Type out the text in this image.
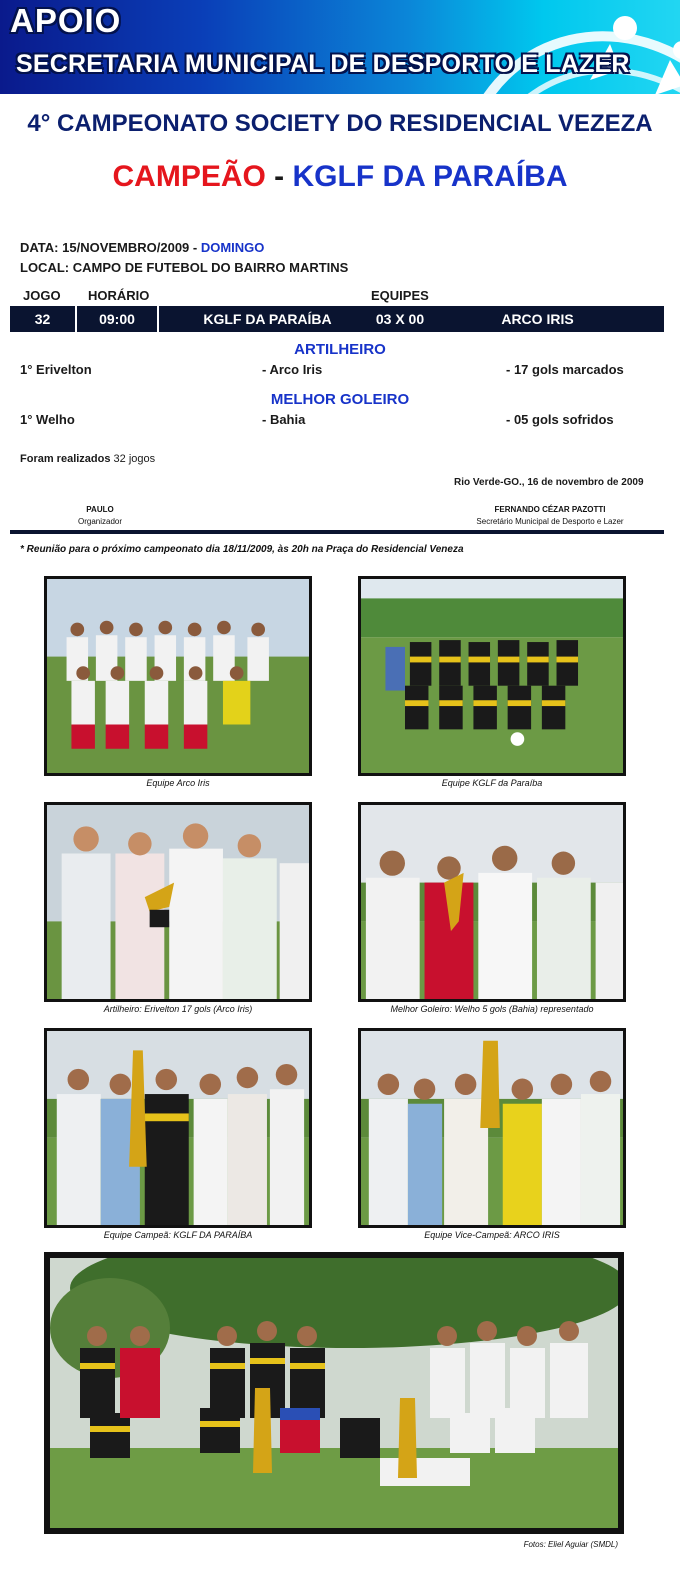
APOIO
SECRETARIA MUNICIPAL DE DESPORTO E LAZER
4° CAMPEONATO SOCIETY DO RESIDENCIAL VEZEZA
CAMPEÃO - KGLF DA PARAÍBA
DATA: 15/NOVEMBRO/2009 - DOMINGO
LOCAL: CAMPO DE FUTEBOL DO BAIRRO MARTINS
JOGO HORÁRIO	EQUIPES
32	09:00	KGLF DA PARAÍBA	03 X 00	ARCO IRIS
ARTILHEIRO
1° Erivelton	- Arco Iris	- 17 gols marcados
MELHOR GOLEIRO
1° Welho	- Bahia	- 05 gols sofridos
Foram realizados 32 jogos
Rio Verde-GO., 16 de novembro de 2009
PAULO
Organizador
FERNANDO CÉZAR PAZOTTI
Secretário Municipal de Desporto e Lazer
* Reunião para o próximo campeonato dia 18/11/2009, às 20h na Praça do Residencial Veneza
Equipe Arco Iris	Equipe KGLF da Paraíba
Artilheiro: Erivelton 17 gols (Arco Iris)	Melhor Goleiro: Welho 5 gols (Bahia) representado
Equipe Campeã: KGLF DA PARAÍBA	Equipe Vice-Campeã: ARCO IRIS
Fotos: Eliel Aguiar (SMDL)
